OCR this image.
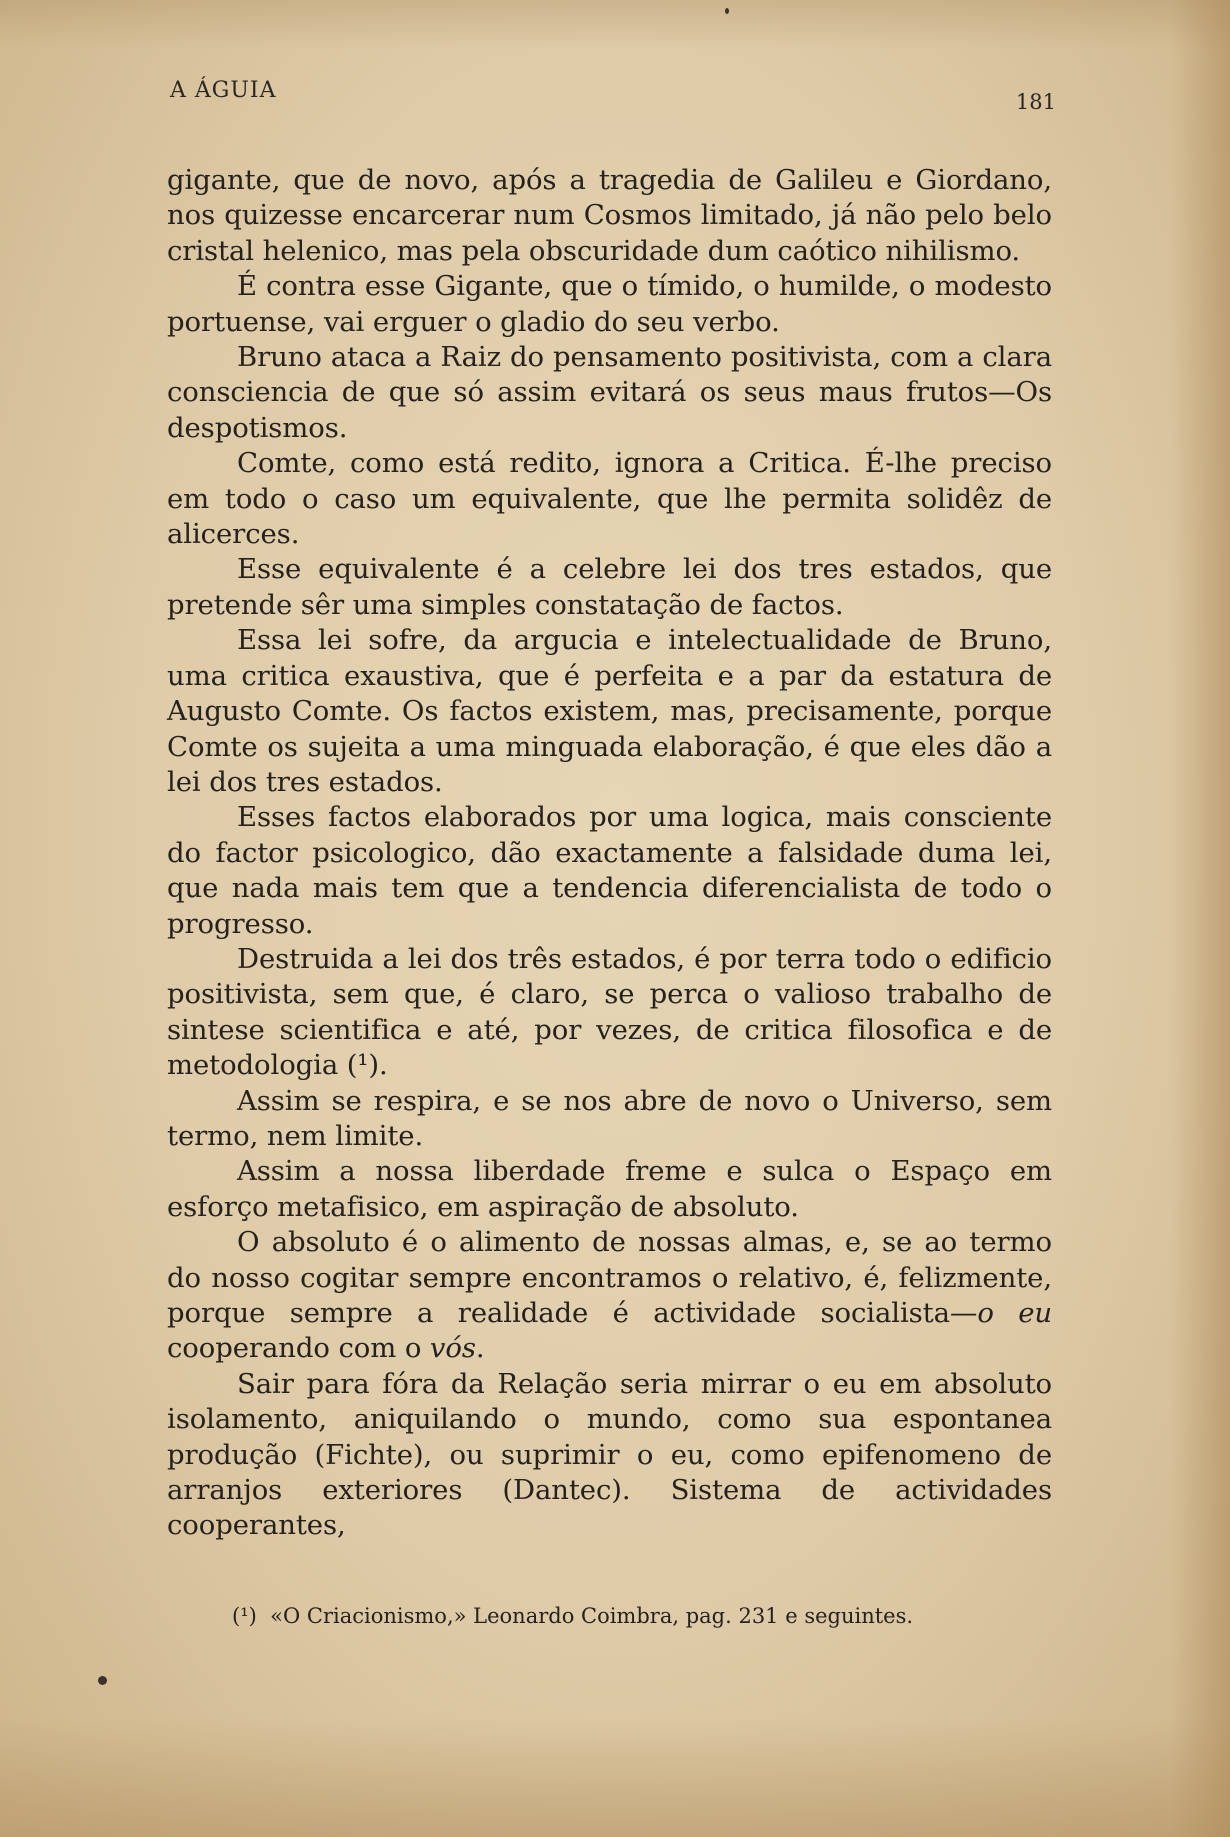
A ÁGUIA	181

gigante, que de novo, após a tragedia de Galileu e Giordano, nos quizesse encarcerar num Cosmos limitado, já não pelo belo cristal helenico, mas pela obscuridade dum caótico nihilismo.

É contra esse Gigante, que o tímido, o humilde, o modesto portuense, vai erguer o gladio do seu verbo.

Bruno ataca a Raiz do pensamento positivista, com a clara consciencia de que só assim evitará os seus maus frutos—Os despotismos.

Comte, como está redito, ignora a Critica. É-lhe preciso em todo o caso um equivalente, que lhe permita solidêz de alicerces.

Esse equivalente é a celebre lei dos tres estados, que pretende sêr uma simples constatação de factos.

Essa lei sofre, da argucia e intelectualidade de Bruno, uma critica exaustiva, que é perfeita e a par da estatura de Augusto Comte. Os factos existem, mas, precisamente, porque Comte os sujeita a uma minguada elaboração, é que eles dão a lei dos tres estados.

Esses factos elaborados por uma logica, mais consciente do factor psicologico, dão exactamente a falsidade duma lei, que nada mais tem que a tendencia diferencialista de todo o progresso.

Destruida a lei dos três estados, é por terra todo o edificio positivista, sem que, é claro, se perca o valioso trabalho de sintese scientifica e até, por vezes, de critica filosofica e de metodologia (¹).

Assim se respira, e se nos abre de novo o Universo, sem termo, nem limite.

Assim a nossa liberdade freme e sulca o Espaço em esforço metafisico, em aspiração de absoluto.

O absoluto é o alimento de nossas almas, e, se ao termo do nosso cogitar sempre encontramos o relativo, é, felizmente, porque sempre a realidade é actividade socialista—o eu cooperando com o vós.

Sair para fóra da Relação seria mirrar o eu em absoluto isolamento, aniquilando o mundo, como sua espontanea produção (Fichte), ou suprimir o eu, como epifenomeno de arranjos exteriores (Dantec). Sistema de actividades cooperantes,

(¹) «O Criacionismo,» Leonardo Coimbra, pag. 231 e seguintes.
